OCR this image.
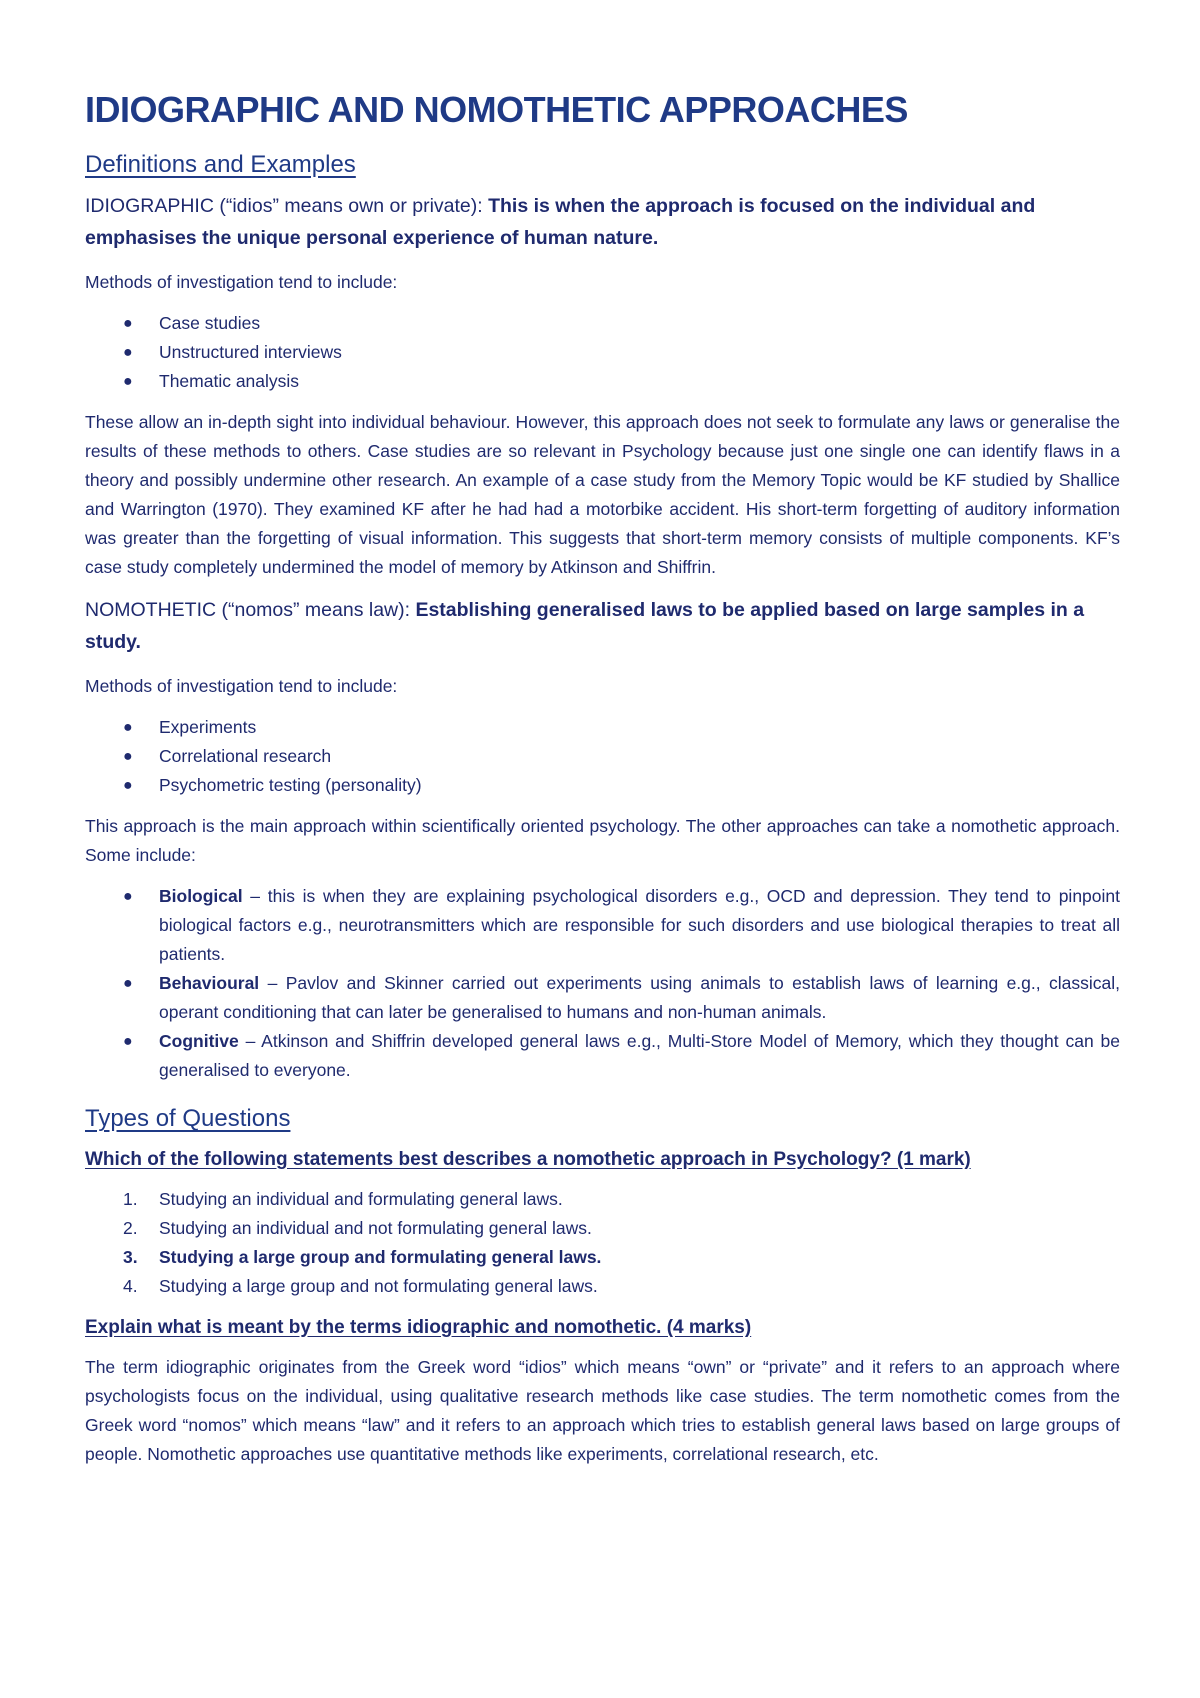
IDIOGRAPHIC AND NOMOTHETIC APPROACHES
Definitions and Examples
IDIOGRAPHIC (“idios” means own or private): This is when the approach is focused on the individual and emphasises the unique personal experience of human nature.

Methods of investigation tend to include:

● Case studies
● Unstructured interviews
● Thematic analysis

These allow an in-depth sight into individual behaviour. However, this approach does not seek to formulate any laws or generalise the results of these methods to others. Case studies are so relevant in Psychology because just one single one can identify flaws in a theory and possibly undermine other research. An example of a case study from the Memory Topic would be KF studied by Shallice and Warrington (1970). They examined KF after he had had a motorbike accident. His short-term forgetting of auditory information was greater than the forgetting of visual information. This suggests that short-term memory consists of multiple components. KF’s case study completely undermined the model of memory by Atkinson and Shiffrin.

NOMOTHETIC (“nomos” means law): Establishing generalised laws to be applied based on large samples in a study.

Methods of investigation tend to include:

● Experiments
● Correlational research
● Psychometric testing (personality)

This approach is the main approach within scientifically oriented psychology. The other approaches can take a nomothetic approach. Some include:

● Biological – this is when they are explaining psychological disorders e.g., OCD and depression. They tend to pinpoint biological factors e.g., neurotransmitters which are responsible for such disorders and use biological therapies to treat all patients.
● Behavioural – Pavlov and Skinner carried out experiments using animals to establish laws of learning e.g., classical, operant conditioning that can later be generalised to humans and non-human animals.
● Cognitive – Atkinson and Shiffrin developed general laws e.g., Multi-Store Model of Memory, which they thought can be generalised to everyone.
Types of Questions
Which of the following statements best describes a nomothetic approach in Psychology? (1 mark)
1. Studying an individual and formulating general laws.
2. Studying an individual and not formulating general laws.
3. Studying a large group and formulating general laws.
4. Studying a large group and not formulating general laws.
Explain what is meant by the terms idiographic and nomothetic. (4 marks)

The term idiographic originates from the Greek word “idios” which means “own” or “private” and it refers to an approach where psychologists focus on the individual, using qualitative research methods like case studies. The term nomothetic comes from the Greek word “nomos” which means “law” and it refers to an approach which tries to establish general laws based on large groups of people. Nomothetic approaches use quantitative methods like experiments, correlational research, etc.
